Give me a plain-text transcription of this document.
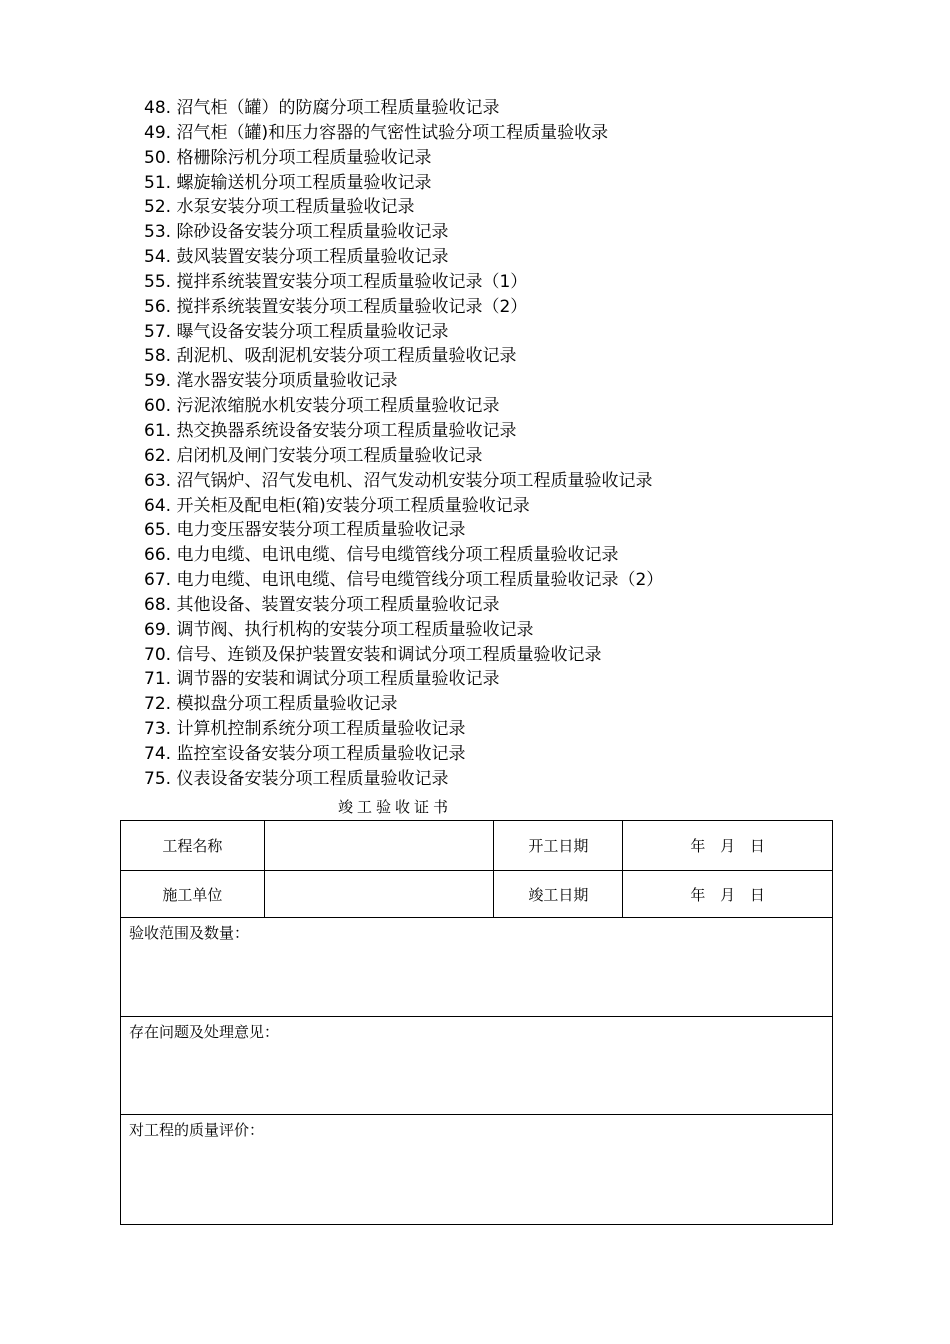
48. 沼气柜（罐）的防腐分项工程质量验收记录
49. 沼气柜（罐)和压力容器的气密性试验分项工程质量验收录
50. 格栅除污机分项工程质量验收记录
51. 螺旋输送机分项工程质量验收记录
52. 水泵安装分项工程质量验收记录
53. 除砂设备安装分项工程质量验收记录
54. 鼓风装置安装分项工程质量验收记录
55. 搅拌系统装置安装分项工程质量验收记录（1）
56. 搅拌系统装置安装分项工程质量验收记录（2）
57. 曝气设备安装分项工程质量验收记录
58. 刮泥机、吸刮泥机安装分项工程质量验收记录
59. 滗水器安装分项质量验收记录
60. 污泥浓缩脱水机安装分项工程质量验收记录
61. 热交换器系统设备安装分项工程质量验收记录
62. 启闭机及闸门安装分项工程质量验收记录
63. 沼气锅炉、沼气发电机、沼气发动机安装分项工程质量验收记录
64. 开关柜及配电柜(箱)安装分项工程质量验收记录
65. 电力变压器安装分项工程质量验收记录
66. 电力电缆、电讯电缆、信号电缆管线分项工程质量验收记录
67. 电力电缆、电讯电缆、信号电缆管线分项工程质量验收记录（2）
68. 其他设备、装置安装分项工程质量验收记录
69. 调节阀、执行机构的安装分项工程质量验收记录
70. 信号、连锁及保护装置安装和调试分项工程质量验收记录
71. 调节器的安装和调试分项工程质量验收记录
72. 模拟盘分项工程质量验收记录
73. 计算机控制系统分项工程质量验收记录
74. 监控室设备安装分项工程质量验收记录
75. 仪表设备安装分项工程质量验收记录
竣工验收证书
工程名称		开工日期	年 月 日
施工单位		竣工日期	年 月 日
验收范围及数量：			
存在问题及处理意见：			
对工程的质量评价：			
